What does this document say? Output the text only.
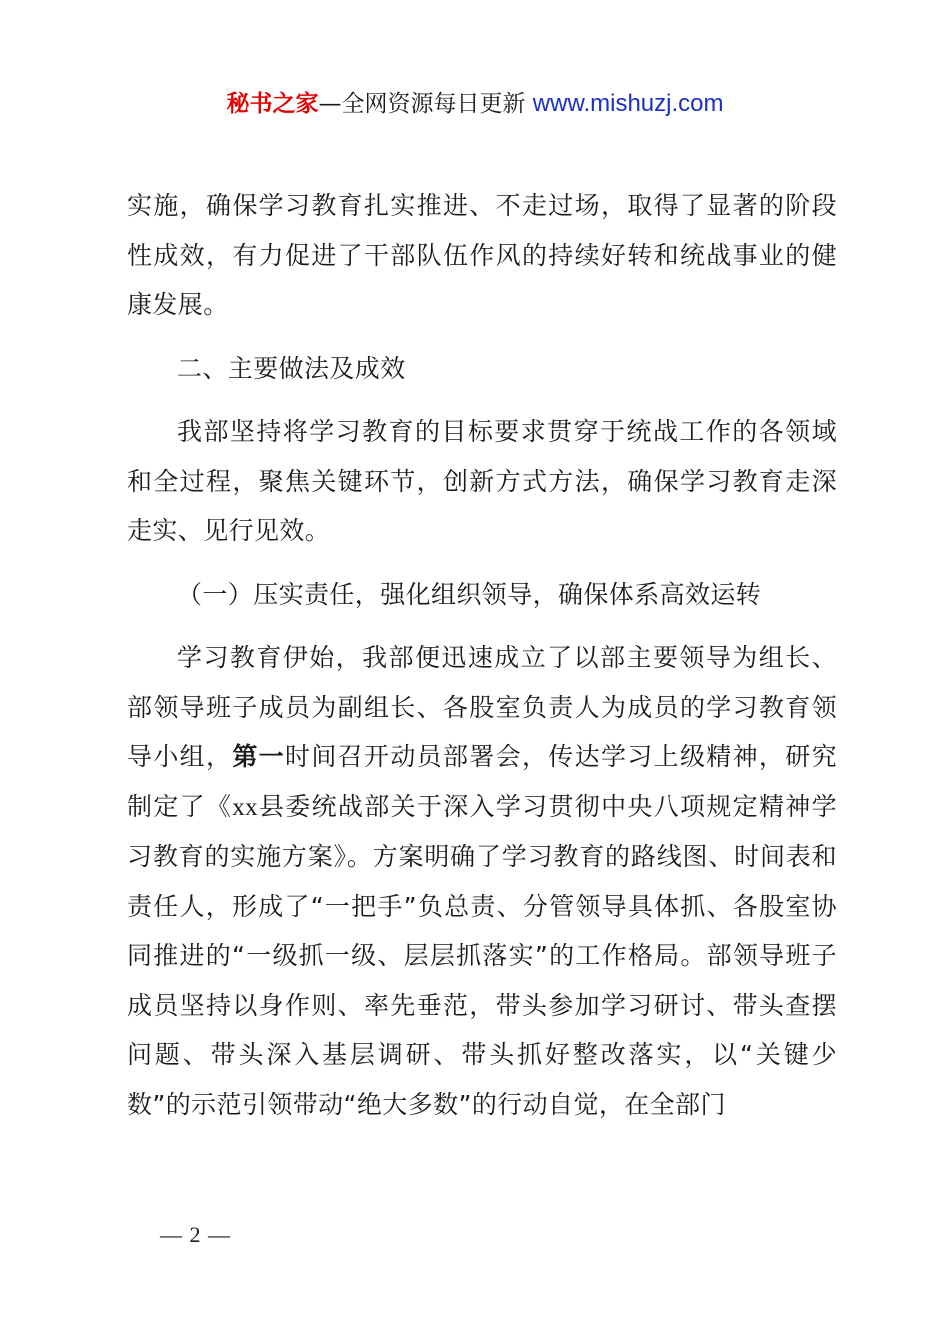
秘书之家—全网资源每日更新 www.mishuzj.com

实施，确保学习教育扎实推进、不走过场，取得了显著的阶段性成效，有力促进了干部队伍作风的持续好转和统战事业的健康发展。

二、主要做法及成效

我部坚持将学习教育的目标要求贯穿于统战工作的各领域和全过程，聚焦关键环节，创新方式方法，确保学习教育走深走实、见行见效。

（一）压实责任，强化组织领导，确保体系高效运转

学习教育伊始，我部便迅速成立了以部主要领导为组长、部领导班子成员为副组长、各股室负责人为成员的学习教育领导小组，第一时间召开动员部署会，传达学习上级精神，研究制定了《xx县委统战部关于深入学习贯彻中央八项规定精神学习教育的实施方案》。方案明确了学习教育的路线图、时间表和责任人，形成了“一把手”负总责、分管领导具体抓、各股室协同推进的“一级抓一级、层层抓落实”的工作格局。部领导班子成员坚持以身作则、率先垂范，带头参加学习研讨、带头查摆问题、带头深入基层调研、带头抓好整改落实，以“关键少数”的示范引领带动“绝大多数”的行动自觉，在全部门

— 2 —
